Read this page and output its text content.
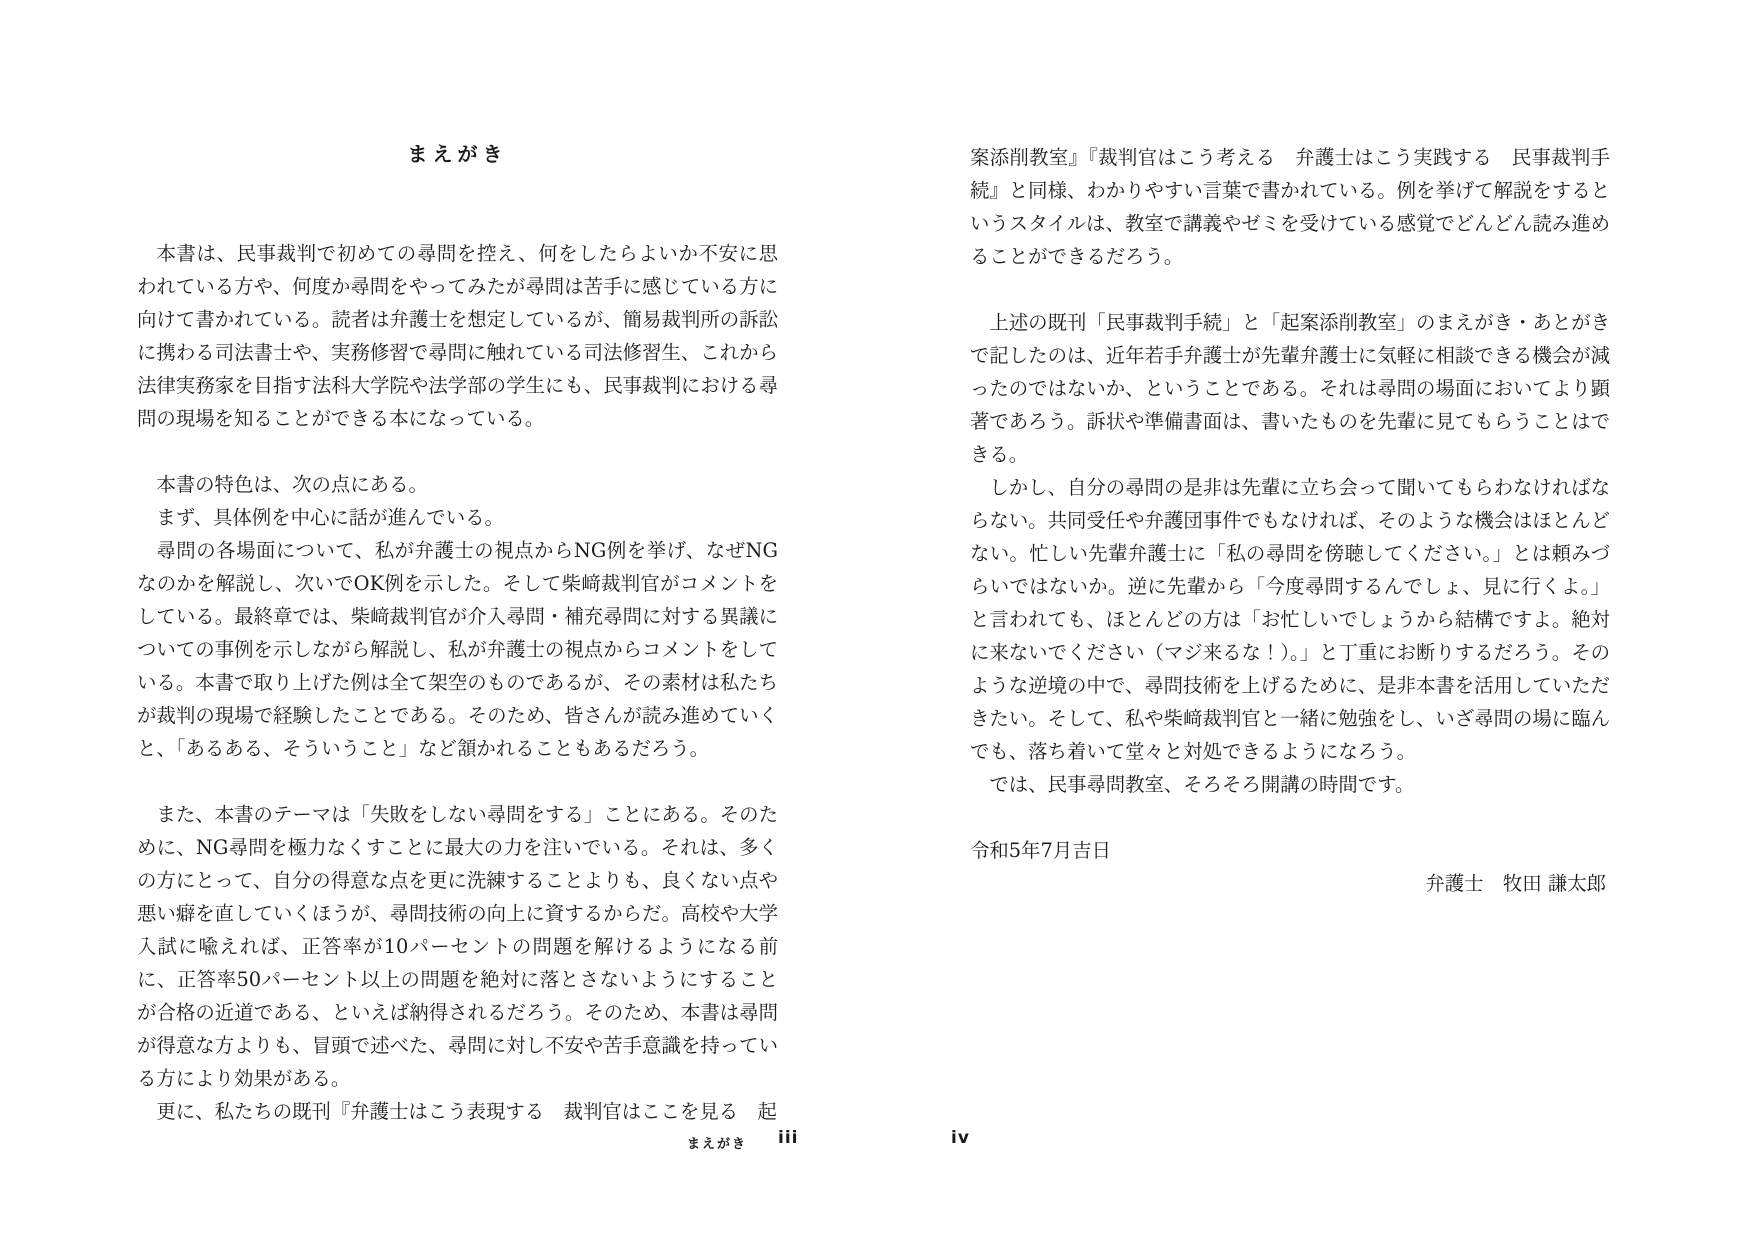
まえがき

本書は、民事裁判で初めての尋問を控え、何をしたらよいか不安に思われている方や、何度か尋問をやってみたが尋問は苦手に感じている方に向けて書かれている。読者は弁護士を想定しているが、簡易裁判所の訴訟に携わる司法書士や、実務修習で尋問に触れている司法修習生、これから法律実務家を目指す法科大学院や法学部の学生にも、民事裁判における尋問の現場を知ることができる本になっている。

本書の特色は、次の点にある。

まず、具体例を中心に話が進んでいる。

尋問の各場面について、私が弁護士の視点からNG例を挙げ、なぜNGなのかを解説し、次いでOK例を示した。そして柴﨑裁判官がコメントをしている。最終章では、柴﨑裁判官が介入尋問・補充尋問に対する異議についての事例を示しながら解説し、私が弁護士の視点からコメントをしている。本書で取り上げた例は全て架空のものであるが、その素材は私たちが裁判の現場で経験したことである。そのため、皆さんが読み進めていくと、「あるある、そういうこと」など頷かれることもあるだろう。

また、本書のテーマは「失敗をしない尋問をする」ことにある。そのために、NG尋問を極力なくすことに最大の力を注いでいる。それは、多くの方にとって、自分の得意な点を更に洗練することよりも、良くない点や悪い癖を直していくほうが、尋問技術の向上に資するからだ。高校や大学入試に喩えれば、正答率が10パーセントの問題を解けるようになる前に、正答率50パーセント以上の問題を絶対に落とさないようにすることが合格の近道である、といえば納得されるだろう。そのため、本書は尋問が得意な方よりも、冒頭で述べた、尋問に対し不安や苦手意識を持っている方により効果がある。

更に、私たちの既刊『弁護士はこう表現する　裁判官はここを見る　起

案添削教室』『裁判官はこう考える　弁護士はこう実践する　民事裁判手続』と同様、わかりやすい言葉で書かれている。例を挙げて解説をするというスタイルは、教室で講義やゼミを受けている感覚でどんどん読み進めることができるだろう。

上述の既刊「民事裁判手続」と「起案添削教室」のまえがき・あとがきで記したのは、近年若手弁護士が先輩弁護士に気軽に相談できる機会が減ったのではないか、ということである。それは尋問の場面においてより顕著であろう。訴状や準備書面は、書いたものを先輩に見てもらうことはできる。

しかし、自分の尋問の是非は先輩に立ち会って聞いてもらわなければならない。共同受任や弁護団事件でもなければ、そのような機会はほとんどない。忙しい先輩弁護士に「私の尋問を傍聴してください。」とは頼みづらいではないか。逆に先輩から「今度尋問するんでしょ、見に行くよ。」と言われても、ほとんどの方は「お忙しいでしょうから結構ですよ。絶対に来ないでください（マジ来るな！）。」と丁重にお断りするだろう。そのような逆境の中で、尋問技術を上げるために、是非本書を活用していただきたい。そして、私や柴﨑裁判官と一緒に勉強をし、いざ尋問の場に臨んでも、落ち着いて堂々と対処できるようになろう。

では、民事尋問教室、そろそろ開講の時間です。

令和5年7月吉日

弁護士　牧田 謙太郎

まえがき iii	iv
